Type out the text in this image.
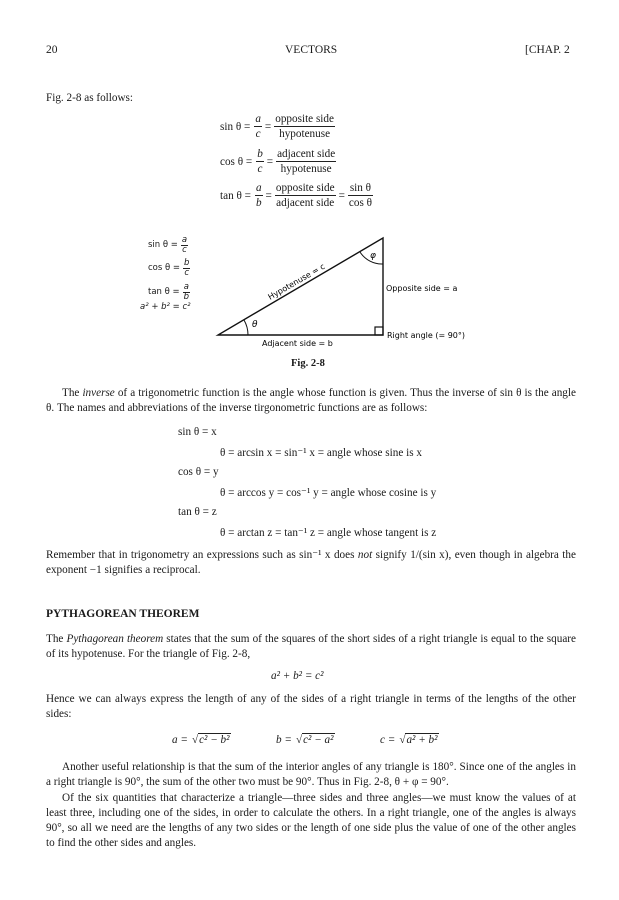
20	VECTORS	[CHAP. 2
Fig. 2-8 as follows:
$\sin \theta = \frac{a}{c} = \frac{\text{opposite side}}{\text{hypotenuse}}$
$\cos \theta = \frac{b}{c} = \frac{\text{adjacent side}}{\text{hypotenuse}}$
$\tan \theta = \frac{a}{b} = \frac{\text{opposite side}}{\text{adjacent side}} = \frac{\text{sin θ}}{\text{cos θ}}$
$\sin \theta = \frac{a}{c}$
$\cos \theta = \frac{b}{c}$
$\tan \theta = \frac{a}{b}$
a² + b² = c²
θ
φ
Hypotenuse = c	Opposite side = a
Adjacent side = b
Right angle (= 90°)
Fig. 2-8
The inverse of a trigonometric function is the angle whose function is given. Thus the inverse of sin θ is the angle θ. The names and abbreviations of the inverse tirgonometric functions are as follows:
sin θ = x
θ = arcsin x = sin⁻¹ x = angle whose sine is x
cos θ = y
θ = arccos y = cos⁻¹ y = angle whose cosine is y
tan θ = z
θ = arctan z = tan⁻¹ z = angle whose tangent is z
Remember that in trigonometry an expressions such as sin⁻¹ x does not signify 1/(sin x), even though in algebra the exponent −1 signifies a reciprocal.
PYTHAGOREAN THEOREM
The Pythagorean theorem states that the sum of the squares of the short sides of a right triangle is equal to the square of its hypotenuse. For the triangle of Fig. 2-8,
a² + b² = c²
Hence we can always express the length of any of the sides of a right triangle in terms of the lengths of the other sides:
a = √ c² − b²	b = √ c² − a²	c = √ a² + b²
Another useful relationship is that the sum of the interior angles of any triangle is 180°. Since one of the angles in a right triangle is 90°, the sum of the other two must be 90°. Thus in Fig. 2-8, θ + φ = 90°.
Of the six quantities that characterize a triangle—three sides and three angles—we must know the values of at least three, including one of the sides, in order to calculate the others. In a right triangle, one of the angles is always 90°, so all we need are the lengths of any two sides or the length of one side plus the value of one of the other angles to find the other sides and angles.
